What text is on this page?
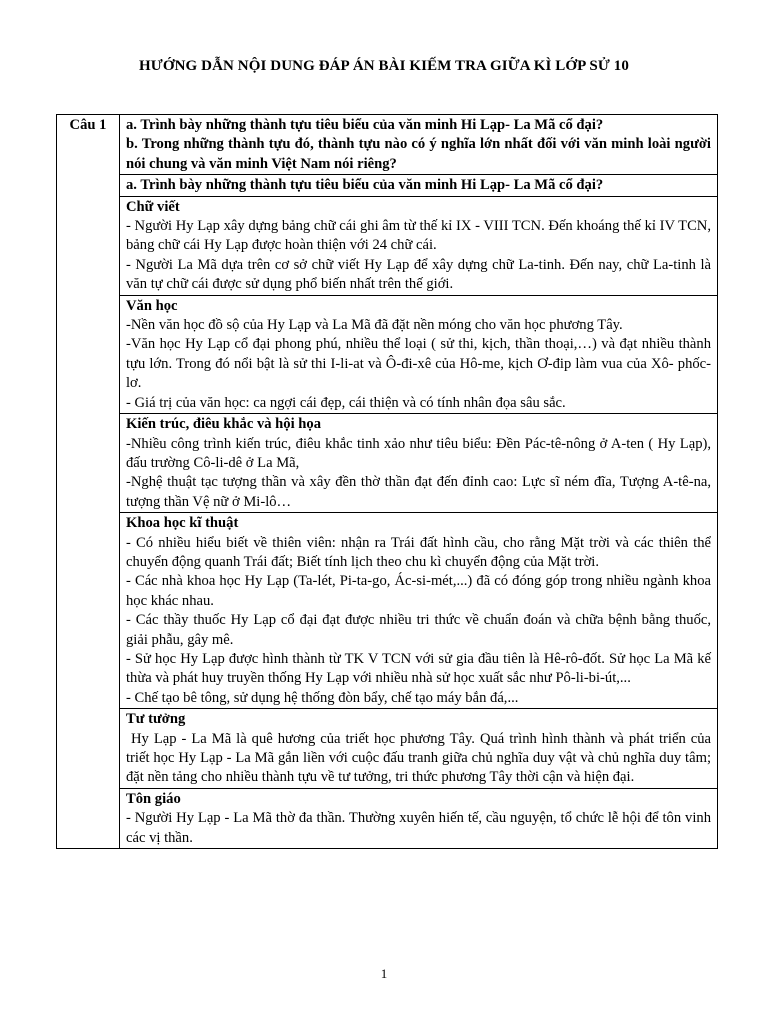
HƯỚNG DẪN NỘI DUNG ĐÁP ÁN BÀI KIẾM TRA GIỮA KÌ LỚP SỬ 10
Câu 1	a. Trình bày những thành tựu tiêu biểu của văn minh Hi Lạp- La Mã cổ đại?
b. Trong những thành tựu đó, thành tựu nào có ý nghĩa lớn nhất đối với văn minh loài người nói chung và văn minh Việt Nam nói riêng?

a. Trình bày những thành tựu tiêu biểu của văn minh Hi Lạp- La Mã cổ đại?

Chữ viết
- Người Hy Lạp xây dựng bảng chữ cái ghi âm từ thế kỉ IX - VIII TCN. Đến khoáng thế kỉ IV TCN, bảng chữ cái Hy Lạp được hoàn thiện với 24 chữ cái.
- Người La Mã dựa trên cơ sở chữ viết Hy Lạp để xây dựng chữ La-tinh. Đến nay, chữ La-tinh là văn tự chữ cái được sử dụng phổ biến nhất trên thế giới.

Văn học
-Nền văn học đồ sộ của Hy Lạp và La Mã đã đặt nền móng cho văn học phương Tây.
-Văn học Hy Lạp cổ đại phong phú, nhiều thể loại ( sử thi, kịch, thần thoại,…) và đạt nhiều thành tựu lớn. Trong đó nổi bật là sử thi I-li-at và Ô-đi-xê của Hô-me, kịch Ơ-đip làm vua của Xô- phốc- lơ.
- Giá trị của văn học: ca ngợi cái đẹp, cái thiện và có tính nhân đọa sâu sắc.

Kiến trúc, điêu khắc và hội họa
-Nhiều công trình kiến trúc, điêu khắc tinh xảo như tiêu biểu: Đền Pác-tê-nông ở A-ten ( Hy Lạp), đấu trường Cô-li-dê ở La Mã,
-Nghệ thuật tạc tượng thần và xây đền thờ thần đạt đến đỉnh cao: Lực sĩ ném đĩa, Tượng A-tê-na, tượng thần Vệ nữ ở Mi-lô…

Khoa học kĩ thuật
- Có nhiều hiểu biết về thiên viên: nhận ra Trái đất hình cầu, cho rằng Mặt trời và các thiên thể chuyển động quanh Trái đất; Biết tính lịch theo chu kì chuyển động của Mặt trời.
- Các nhà khoa học Hy Lạp (Ta-lét, Pi-ta-go, Ác-si-mét,...) đã có đóng góp trong nhiều ngành khoa học khác nhau.
- Các thầy thuốc Hy Lạp cổ đại đạt được nhiều tri thức về chuẩn đoán và chữa bệnh bằng thuốc, giải phẫu, gây mê.
- Sử học Hy Lạp được hình thành từ TK V TCN với sử gia đầu tiên là Hê-rô-đốt. Sử học La Mã kế thừa và phát huy truyền thống Hy Lạp với nhiều nhà sử học xuất sắc như Pô-li-bi-út,...
- Chế tạo bê tông, sử dụng hệ thống đòn bẩy, chế tạo máy bắn đá,...

Tư tưởng
Hy Lạp - La Mã là quê hương của triết học phương Tây. Quá trình hình thành và phát triển của triết học Hy Lạp - La Mã gắn liền với cuộc đấu tranh giữa chủ nghĩa duy vật và chủ nghĩa duy tâm; đặt nền tảng cho nhiều thành tựu về tư tưởng, tri thức phương Tây thời cận và hiện đại.

Tôn giáo
- Người Hy Lạp - La Mã thờ đa thần. Thường xuyên hiến tế, cầu nguyện, tổ chức lễ hội để tôn vinh các vị thần.
1
